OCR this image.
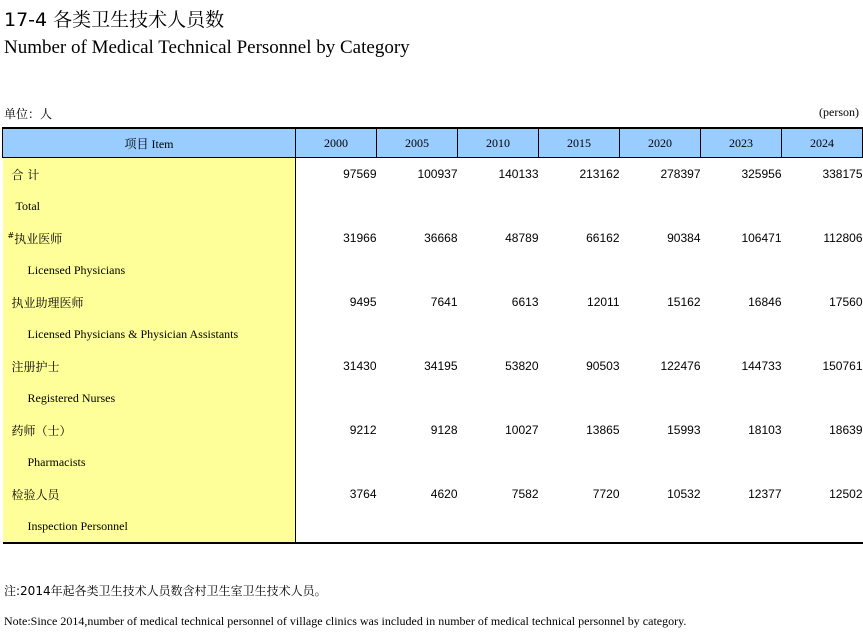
17-4 各类卫生技术人员数
Number of Medical Technical Personnel by Category
单位：人	(person)
项目 Item	2000	2005	2010	2015	2020	2023	2024
合 计	97569	100937	140133	213162	278397	325956	338175
Total							
#执业医师	31966	36668	48789	66162	90384	106471	112806
Licensed Physicians							
执业助理医师	9495	7641	6613	12011	15162	16846	17560
Licensed Physicians & Physician Assistants							
注册护士	31430	34195	53820	90503	122476	144733	150761
Registered Nurses							
药师（士）	9212	9128	10027	13865	15993	18103	18639
Pharmacists							
检验人员	3764	4620	7582	7720	10532	12377	12502
Inspection Personnel							
注:2014年起各类卫生技术人员数含村卫生室卫生技术人员。
Note:Since 2014,number of medical technical personnel of village clinics was included in number of medical technical personnel by category.
